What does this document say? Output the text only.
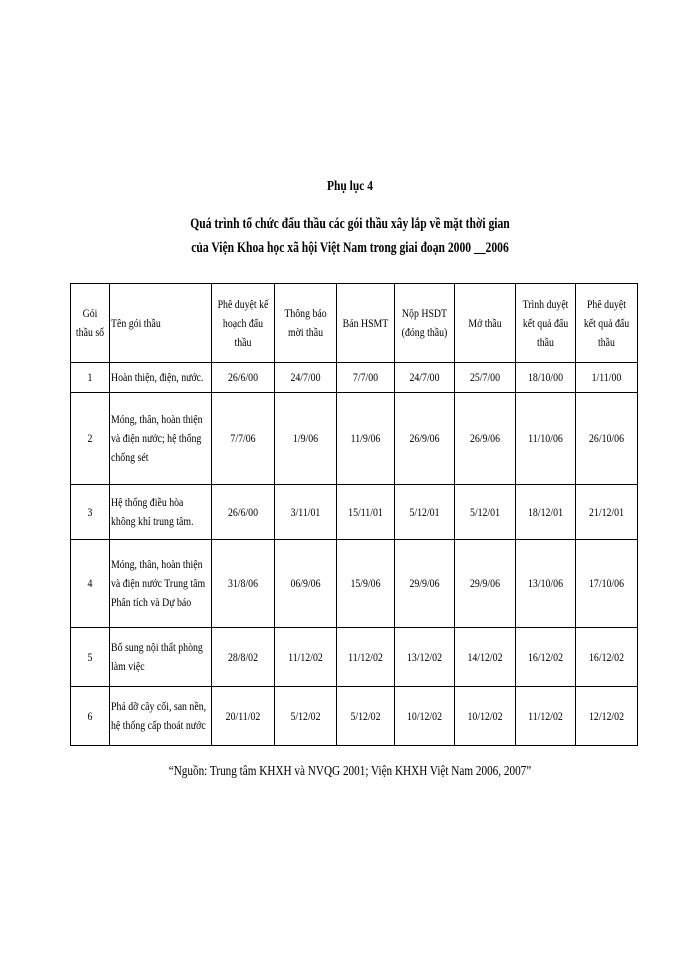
Phụ lục 4
Quá trình tổ chức đấu thầu các gói thầu xây lắp về mặt thời gian
của Viện Khoa học xã hội Việt Nam trong giai đoạn 2000 __2006
Gói thầu số	Tên gói thầu	Phê duyệt kế hoạch đấu thầu	Thông báo mời thầu	Bán HSMT	Nộp HSDT (đóng thầu)	Mở thầu	Trình duyệt kết quả đấu thầu	Phê duyệt kết quả đấu thầu

1	Hoàn thiện, điện, nước.	26/6/00	24/7/00	7/7/00	24/7/00	25/7/00	18/10/00	1/11/00

2	Móng, thân, hoàn thiện và điện nước; hệ thống chống sét	7/7/06	1/9/06	11/9/06	26/9/06	26/9/06	11/10/06	26/10/06

3	Hệ thống điều hòa không khí trung tâm.	26/6/00	3/11/01	15/11/01	5/12/01	5/12/01	18/12/01	21/12/01

4	Móng, thân, hoàn thiện và điện nước Trung tâm Phân tích và Dự báo	31/8/06	06/9/06	15/9/06	29/9/06	29/9/06	13/10/06	17/10/06

5	Bổ sung nội thất phòng làm việc	28/8/02	11/12/02	11/12/02	13/12/02	14/12/02	16/12/02	16/12/02

6	Phá dỡ cây cối, san nền, hệ thống cấp thoát nước	20/11/02	5/12/02	5/12/02	10/12/02	10/12/02	11/12/02	12/12/02
“Nguồn: Trung tâm KHXH và NVQG 2001; Viện KHXH Việt Nam 2006, 2007”
